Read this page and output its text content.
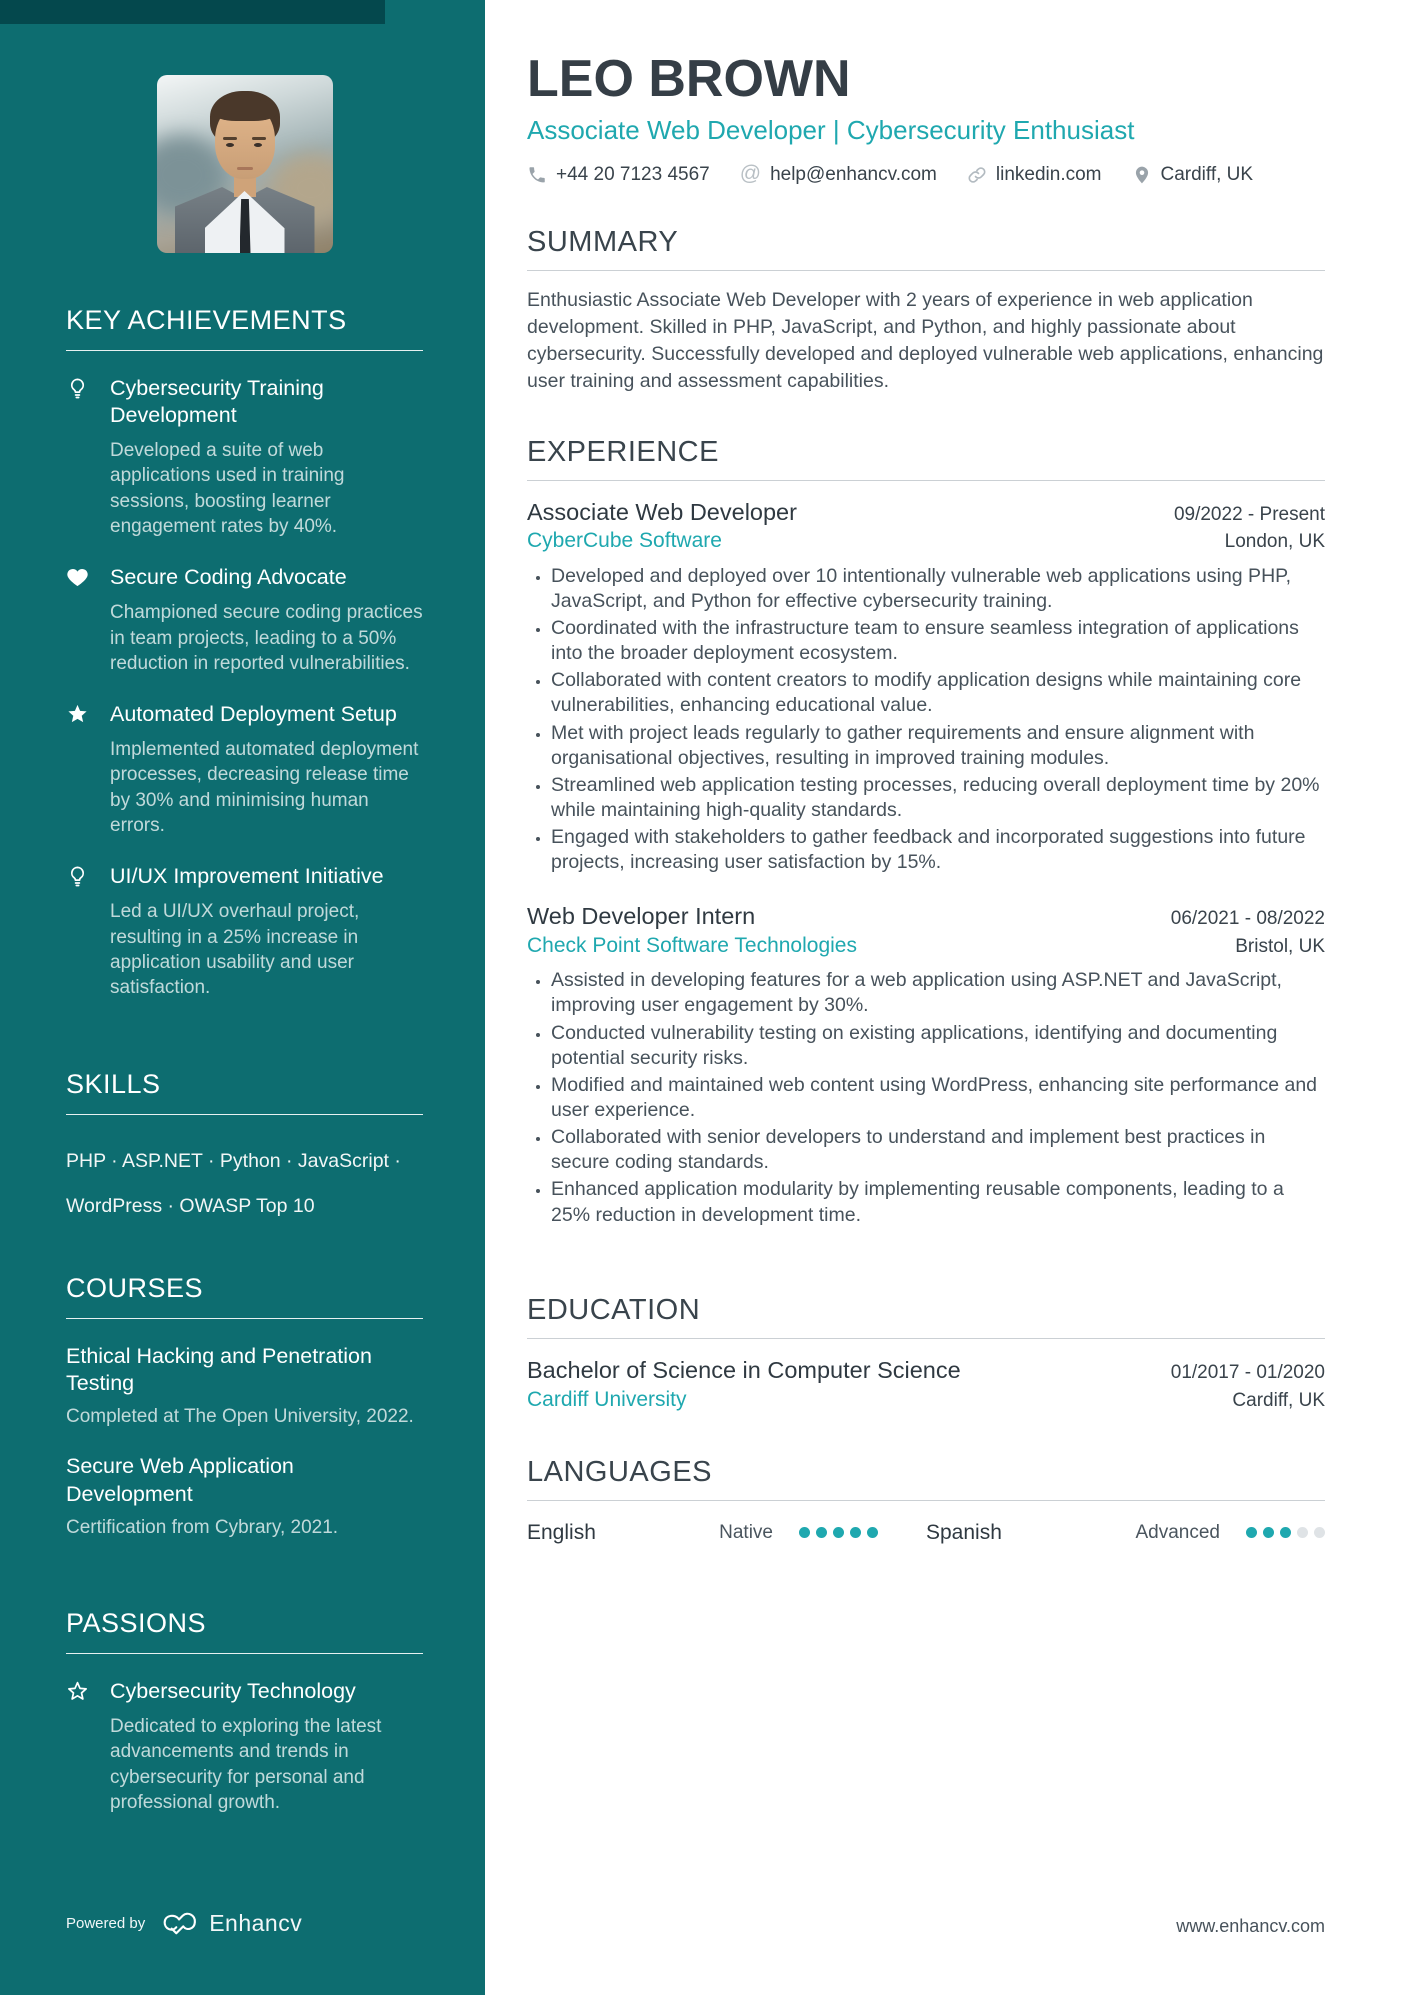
KEY ACHIEVEMENTS
Cybersecurity Training Development

Developed a suite of web applications used in training sessions, boosting learner engagement rates by 40%.

Secure Coding Advocate

Championed secure coding practices in team projects, leading to a 50% reduction in reported vulnerabilities.

Automated Deployment Setup

Implemented automated deployment processes, decreasing release time by 30% and minimising human errors.

UI/UX Improvement Initiative

Led a UI/UX overhaul project, resulting in a 25% increase in application usability and user satisfaction.

SKILLS

PHP · ASP.NET · Python · JavaScript · WordPress · OWASP Top 10

COURSES
Ethical Hacking and Penetration Testing

Completed at The Open University, 2022.

Secure Web Application Development

Certification from Cybrary, 2021.

PASSIONS
Cybersecurity Technology

Dedicated to exploring the latest advancements and trends in cybersecurity for personal and professional growth.

Powered by	Enhancv
LEO BROWN
Associate Web Developer | Cybersecurity Enthusiast
+44 20 7123 4567 @ help@enhancv.com	linkedin.com	Cardiff, UK
SUMMARY

Enthusiastic Associate Web Developer with 2 years of experience in web application development. Skilled in PHP, JavaScript, and Python, and highly passionate about cybersecurity. Successfully developed and deployed vulnerable web applications, enhancing user training and assessment capabilities.

EXPERIENCE
Associate Web Developer	09/2022 - Present
CyberCube Software	London, UK
• Developed and deployed over 10 intentionally vulnerable web applications using PHP, JavaScript, and Python for effective cybersecurity training.
• Coordinated with the infrastructure team to ensure seamless integration of applications into the broader deployment ecosystem.
• Collaborated with content creators to modify application designs while maintaining core vulnerabilities, enhancing educational value.
• Met with project leads regularly to gather requirements and ensure alignment with organisational objectives, resulting in improved training modules.
• Streamlined web application testing processes, reducing overall deployment time by 20% while maintaining high-quality standards.
• Engaged with stakeholders to gather feedback and incorporated suggestions into future projects, increasing user satisfaction by 15%.
Web Developer Intern	06/2021 - 08/2022
Check Point Software Technologies	Bristol, UK
• Assisted in developing features for a web application using ASP.NET and JavaScript, improving user engagement by 30%.
• Conducted vulnerability testing on existing applications, identifying and documenting potential security risks.
• Modified and maintained web content using WordPress, enhancing site performance and user experience.
• Collaborated with senior developers to understand and implement best practices in secure coding standards.
• Enhanced application modularity by implementing reusable components, leading to a 25% reduction in development time.
EDUCATION
Bachelor of Science in Computer Science	01/2017 - 01/2020
Cardiff University	Cardiff, UK
LANGUAGES
English	Native	Spanish	Advanced
www.enhancv.com
